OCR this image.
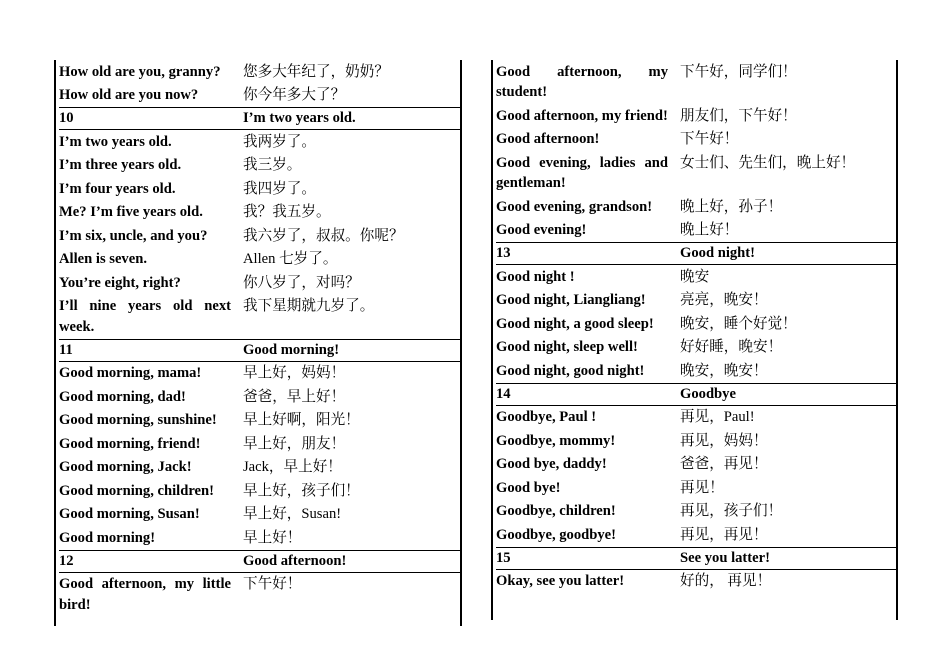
How old are you, granny?	您多大年纪了，奶奶？
How old are you now?	你今年多大了？
10	I’m two years old.
I’m two years old.	我两岁了。
I’m three years old.	我三岁。
I’m four years old.	我四岁了。
Me? I’m five years old.	我？我五岁。
I’m six, uncle, and you?	我六岁了，叔叔。你呢？
Allen is seven.	Allen 七岁了。
You’re eight, right?	你八岁了，对吗？
I’ll nine years old next week.	我下星期就九岁了。
11	Good morning!
Good morning, mama!	早上好，妈妈！
Good morning, dad!	爸爸，早上好！
Good morning, sunshine!	早上好啊，阳光！
Good morning, friend!	早上好，朋友！
Good morning, Jack!	Jack，早上好！
Good morning, children!	早上好，孩子们！
Good morning, Susan!	早上好，Susan!
Good morning!	早上好！
12	Good afternoon!
Good afternoon, my little bird!	下午好！
Good afternoon, my student!	下午好，同学们！
Good afternoon, my friend!	朋友们，下午好！
Good afternoon!	下午好！
Good evening, ladies and gentleman!	女士们、先生们，晚上好！
Good evening, grandson!	晚上好，孙子！
Good evening!	晚上好！
13	Good night!
Good night !	晚安
Good night, Liangliang!	亮亮，晚安！
Good night, a good sleep!	晚安，睡个好觉！
Good night, sleep well!	好好睡，晚安！
Good night, good night!	晚安，晚安！
14	Goodbye
Goodbye, Paul !	再见，Paul!
Goodbye, mommy!	再见，妈妈！
Good bye, daddy!	爸爸，再见！
Good bye!	再见！
Goodbye, children!	再见，孩子们！
Goodbye, goodbye!	再见，再见！
15	See you latter!
Okay, see you latter!	好的， 再见！
